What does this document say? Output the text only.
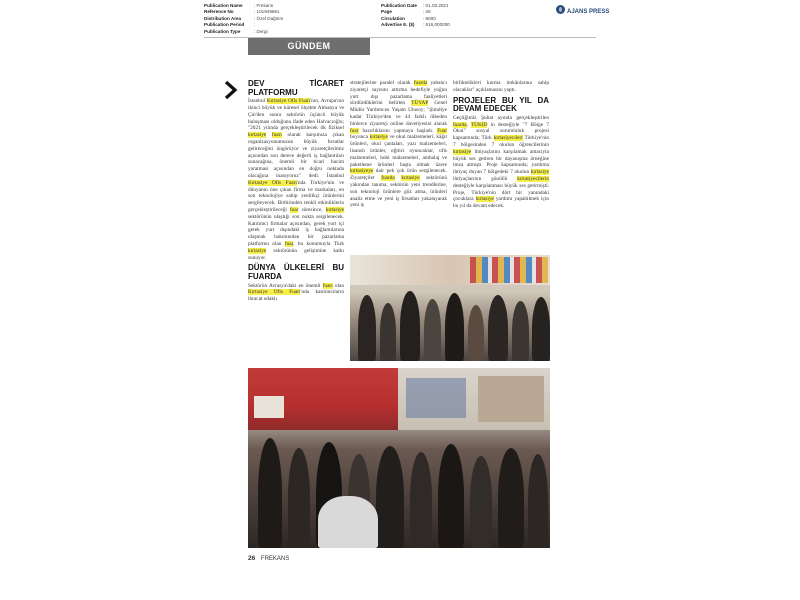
Publication Name	: Frekans
Reference No	: 101949691
Distribution Area	: Özel Dağıtım
Publication Period	:
Publication Type	: Dergi
Publication Date	: 01.03.2021
Page	: 26
Circulation	: 8000
Advertise E. ($)	: 516,000000
AJANS PRESS
GÜNDEM
DEV TİCARET PLATFORMU

İstanbul Kırtasiye Ofis Fuarı'nın, Avrupa'nın ikinci büyük ve küresel ölçekte Almanya ve Çin'den sonra sektörün üçüncü büyük buluşması olduğunu ifade eden Halvacıoğlu; "2021 yılında gerçekleştirilecek ilk fiziksel kırtasiye fuarı olarak karşımıza çıkan organizasyonumuzun büyük fırsatlar getireceğini öngörüyor ve ziyaretçilerimiz açısından son derece değerli iş bağlantıları sunacağına, önemli bir ticari hacim yaratması açısından en doğru noktada olacağına inanıyoruz" dedi. İstanbul Kırtasiye Ofis Fuarı'nda Türkiye'nin ve dünyanın öne çıkan firma ve markaları, en son teknolojiye sahip yenilikçi ürünlerini sergileyecek. Birbirinden renkli etkinliklerin gerçekleştirileceği fuar süresince, kırtasiye sektörünün ulaştığı son nokta sergilenecek. Katılımcı firmalar açısından, gerek yurt içi gerek yurt dışındaki iş bağlantılarına ulaşmak bakımından bir pazarlama platformu olan fuar, bu konumuyla Türk kırtasiye sektörünün gelişimine katkı sunuyor.

DÜNYA ÜLKELERİ BU FUARDA

Sektörün Avrasya'daki en önemli fuarı olan Kırtasiye Ofis Fuarı'nda katılımcıların ihracat odaklı

stratejilerine paralel olarak fuarda yabancı ziyaretçi sayısını artırma hedefiyle yoğun yurt dışı pazarlama faaliyetleri sürdürdüklerini belirten TÜYAP Genel Müdür Yardımcısı Yaşam Ulusoy; "Şimdiye kadar Türkiye'den ve 44 farklı ülkeden binlerce ziyaretçi online davetiyesini alarak fuar hazırlıklarını yapmaya başladı. Fuar boyunca kırtasiye ve okul malzemeleri, kâğıt ürünleri, okul çantaları, yazı malzemeleri, lisanslı ürünler, eğitici oyuncaklar, ofis malzemeleri, hobi malzemeleri, ambalaj ve paketleme ürünleri başta olmak üzere kırtasiyeye dair pek çok ürün sergilenecek. Ziyaretçiler fuarda kırtasiye sektörünü yakından tanıma, sektörün yeni trendlerine, son teknoloji ürünlere göz atma, ürünleri analiz etme ve yeni iş fırsatları yakalayarak yeni iş

birliktelikleri kurma imkânlarına sahip olacaklar" açıklamasını yaptı.

PROJELER BU YIL DA DEVAM EDECEK

Geçtiğimiz Şubat ayında gerçekleştirilen fuarda, TÜKİD in desteğiyle "7 Bölge 7 Okul" sosyal sorumluluk projesi kapsamında; Türk kırtasiyecileri Türkiye'nin 7 bölgesinden 7 okulun öğrencilerinin kırtasiye ihtiyaçlarını karşılamak amacıyla büyük ses getiren bir dayanışma örneğine imza atmıştı. Proje kapsamında; yardıma ihtiyaç duyan 7 bölgedeki 7 okulun kırtasiye ihtiyaçlarının gönüllü kırtasiyecilerin desteğiyle karşılanması büyük ses getirmişti. Proje, Türkiye'nin dört bir yanındaki çocuklara kırtasiye yardımı yapabilmek için bu yıl da devam edecek.

26 FREKANS
